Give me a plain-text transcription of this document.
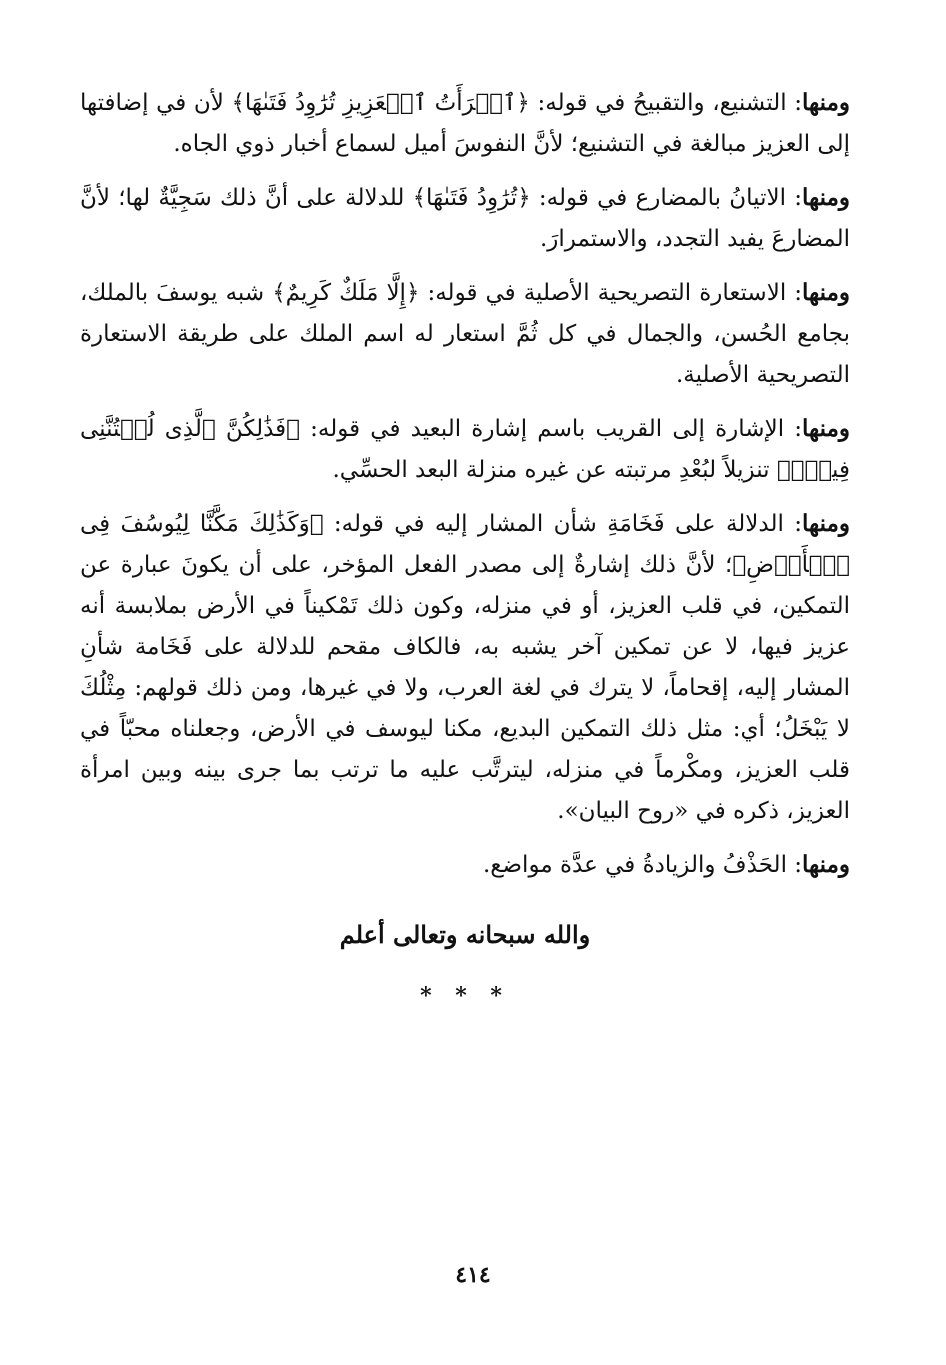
ومنها: التشنيع، والتقبيحُ في قوله: ﴿ٱمۡرَأَتُ ٱلۡعَزِيزِ تُرَٰوِدُ فَتَىٰهَا﴾ لأن في إضافتها إلى العزيز مبالغة في التشنيع؛ لأنَّ النفوسَ أميل لسماع أخبار ذوي الجاه.

ومنها: الاتيانُ بالمضارع في قوله: ﴿تُرَٰوِدُ فَتَىٰهَا﴾ للدلالة على أنَّ ذلك سَجِيَّةٌ لها؛ لأنَّ المضارعَ يفيد التجدد، والاستمرارَ.

ومنها: الاستعارة التصريحية الأصلية في قوله: ﴿إِلَّا مَلَكٌ كَرِيمٌ﴾ شبه يوسفَ بالملك، بجامع الحُسن، والجمال في كل ثُمَّ استعار له اسم الملك على طريقة الاستعارة التصريحية الأصلية.

ومنها: الإشارة إلى القريب باسم إشارة البعيد في قوله: ﴿فَذَٰلِكُنَّ ٱلَّذِى لُمۡتُنَّنِى فِيهِۖ﴾ تنزيلاً لبُعْدِ مرتبته عن غيره منزلة البعد الحسِّي.

ومنها: الدلالة على فَخَامَةِ شأن المشار إليه في قوله: ﴿وَكَذَٰلِكَ مَكَّنَّا لِيُوسُفَ فِى ٱلۡأَرۡضِ﴾؛ لأنَّ ذلك إشارةٌ إلى مصدر الفعل المؤخر، على أن يكونَ عبارة عن التمكين، في قلب العزيز، أو في منزله، وكون ذلك تَمْكيناً في الأرض بملابسة أنه عزيز فيها، لا عن تمكين آخر يشبه به، فالكاف مقحم للدلالة على فَخَامة شأنِ المشار إليه، إقحاماً، لا يترك في لغة العرب، ولا في غيرها، ومن ذلك قولهم: مِثْلُكَ لا يَبْخَلُ؛ أي: مثل ذلك التمكين البديع، مكنا ليوسف في الأرض، وجعلناه محبّاً في قلب العزيز، ومكْرماً في منزله، ليترتَّب عليه ما ترتب بما جرى بينه وبين امرأة العزيز، ذكره في «روح البيان».

ومنها: الحَذْفُ والزيادةُ في عدَّة مواضع.

والله سبحانه وتعالى أعلم
* * *
٤١٤
